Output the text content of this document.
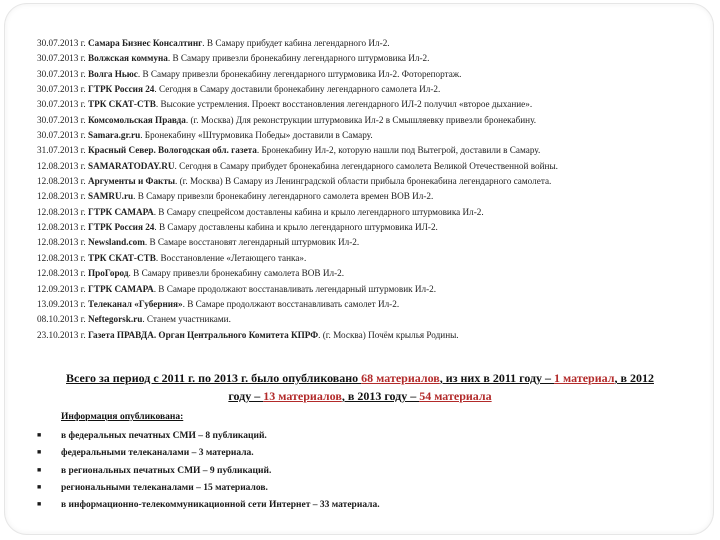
30.07.2013 г. Самара Бизнес Консалтинг. В Самару прибудет кабина легендарного Ил-2.
30.07.2013 г. Волжская коммуна. В Самару привезли бронекабину легендарного штурмовика Ил-2.
30.07.2013 г. Волга Ньюс. В Самару привезли бронекабину легендарного штурмовика Ил-2. Фоторепортаж.
30.07.2013 г. ГТРК Россия 24. Сегодня в Самару доставили бронекабину легендарного самолета Ил-2.
30.07.2013 г. ТРК СКАТ-СТВ. Высокие устремления. Проект восстановления легендарного ИЛ-2 получил «второе дыхание».
30.07.2013 г. Комсомольская Правда. (г. Москва) Для реконструкции штурмовика Ил-2 в Смышляевку привезли бронекабину.
30.07.2013 г. Samara.gr.ru. Бронекабину «Штурмовика Победы» доставили в Самару.
31.07.2013 г. Красный Север. Вологодская обл. газета. Бронекабину Ил-2, которую нашли под Вытегрой, доставили в Самару.
12.08.2013 г. SAMARATODAY.RU. Сегодня в Самару прибудет бронекабина легендарного самолета Великой Отечественной войны.
12.08.2013 г. Аргументы и Факты. (г. Москва) В Самару из Ленинградской области прибыла бронекабина легендарного самолета.
12.08.2013 г. SAMRU.ru. В Самару привезли бронекабину легендарного самолета времен ВОВ Ил-2.
12.08.2013 г. ГТРК САМАРА. В Самару спецрейсом доставлены кабина и крыло легендарного штурмовика Ил-2.
12.08.2013 г. ГТРК Россия 24. В Самару доставлены кабина и крыло легендарного штурмовика ИЛ-2.
12.08.2013 г. Newsland.com. В Самаре восстановят легендарный штурмовик Ил-2.
12.08.2013 г. ТРК СКАТ-СТВ. Восстановление «Летающего танка».
12.08.2013 г. ПроГород. В Самару привезли бронекабину самолета ВОВ Ил-2.
12.09.2013 г. ГТРК САМАРА. В Самаре продолжают восстанавливать легендарный штурмовик Ил-2.
13.09.2013 г. Телеканал «Губерния». В Самаре продолжают восстанавливать самолет Ил-2.
08.10.2013 г. Neftegorsk.ru. Станем участниками.
23.10.2013 г. Газета ПРАВДА. Орган Центрального Комитета КПРФ. (г. Москва) Почём крылья Родины.
Всего за период с 2011 г. по 2013 г. было опубликовано 68 материалов, из них в 2011 году – 1 материал, в 2012 году – 13 материалов, в 2013 году – 54 материала
Информация опубликована:
■ в федеральных печатных СМИ – 8 публикаций.
■ федеральными телеканалами – 3 материала.
■ в региональных печатных СМИ – 9 публикаций.
■ региональными телеканалами – 15 материалов.
■ в информационно-телекоммуникационной сети Интернет – 33 материала.
